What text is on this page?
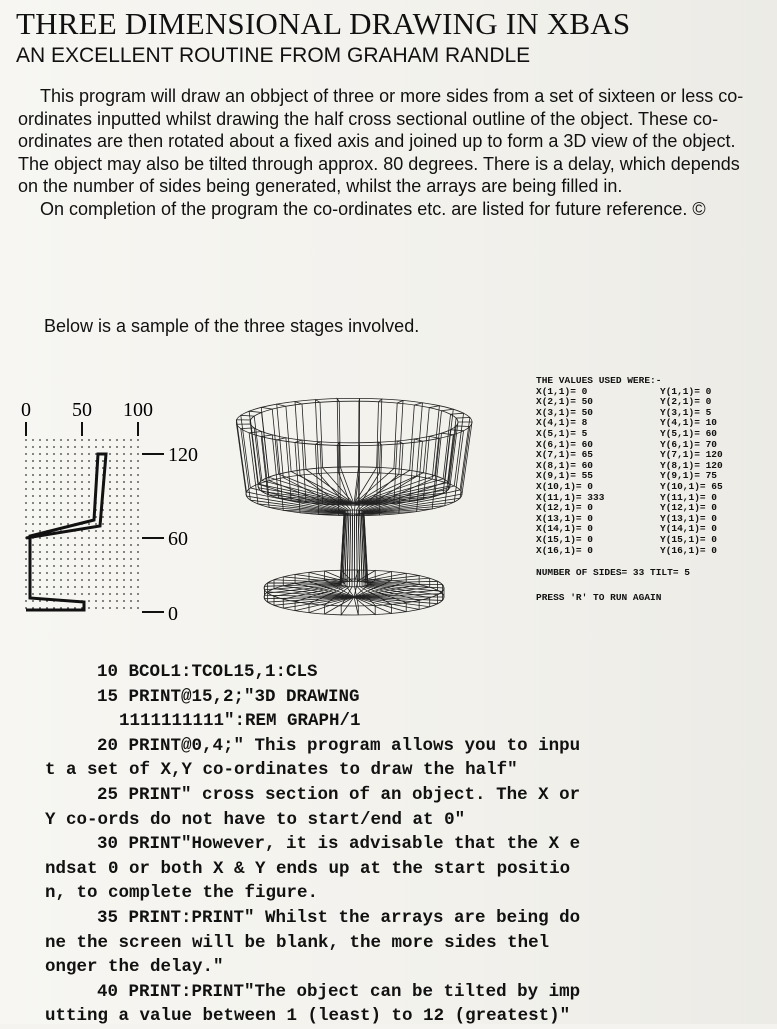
THREE DIMENSIONAL DRAWING IN XBAS
AN EXCELLENT ROUTINE FROM GRAHAM RANDLE

This program will draw an obbject of three or more sides from a set of sixteen or less co-ordinates inputted whilst drawing the half cross sectional outline of the object. These co-ordinates are then rotated about a fixed axis and joined up to form a 3D view of the object. The object may also be tilted through approx. 80 degrees. There is a delay, which depends on the number of sides being generated, whilst the arrays are being filled in.

On completion of the program the co-ordinates etc. are listed for future reference. ©

Below is a sample of the three stages involved.
0 50 100
120
60
0
THE VALUES USED WERE:-
X(1,1)= 0	Y(1,1)= 0
X(2,1)= 50	Y(2,1)= 0
X(3,1)= 50	Y(3,1)= 5
X(4,1)= 8	Y(4,1)= 10
X(5,1)= 5	Y(5,1)= 60
X(6,1)= 60	Y(6,1)= 70
X(7,1)= 65	Y(7,1)= 120
X(8,1)= 60	Y(8,1)= 120
X(9,1)= 55	Y(9,1)= 75
X(10,1)= 0	Y(10,1)= 65
X(11,1)= 333	Y(11,1)= 0
X(12,1)= 0	Y(12,1)= 0
X(13,1)= 0	Y(13,1)= 0
X(14,1)= 0	Y(14,1)= 0
X(15,1)= 0	Y(15,1)= 0
X(16,1)= 0	Y(16,1)= 0
NUMBER OF SIDES= 33 TILT= 5
PRESS 'R' TO RUN AGAIN
10 BCOL1:TCOL15,1:CLS
15 PRINT@15,2;"3D DRAWING
1111111111":REM GRAPH/1
20 PRINT@0,4;" This program allows you to inpu
t a set of X,Y co-ordinates to draw the half"
25 PRINT" cross section of an object. The X or
Y co-ords do not have to start/end at 0"
30 PRINT"However, it is advisable that the X e
ndsat 0 or both X & Y ends up at the start positio
n, to complete the figure.
35 PRINT:PRINT" Whilst the arrays are being do
ne the screen will be blank, the more sides thel
onger the delay."
40 PRINT:PRINT"The object can be tilted by imp
utting a value between 1 (least) to 12 (greatest)"
